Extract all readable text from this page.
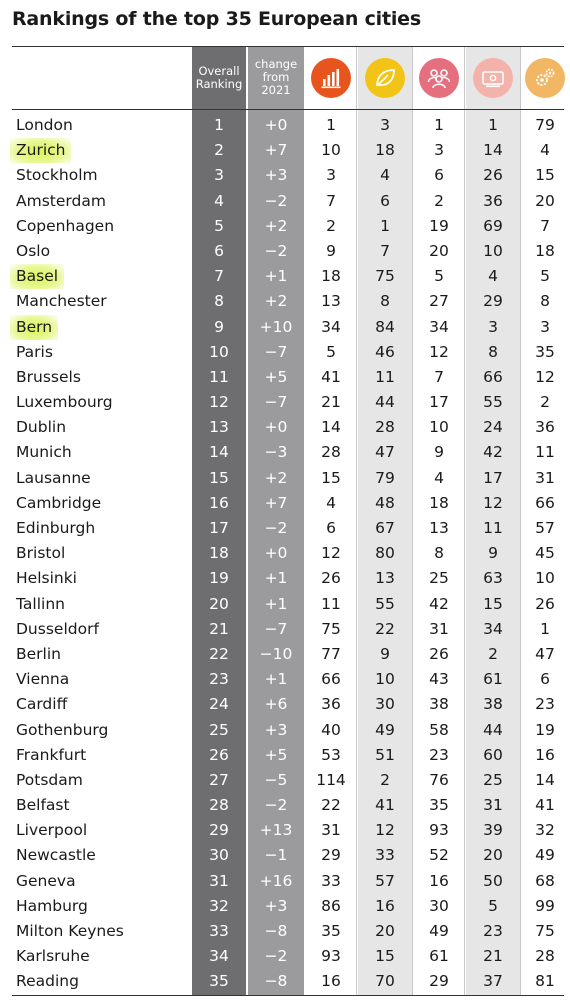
Rankings of the top 35 European cities
Overall Ranking
change from 2021
London	1	+0	1	3	1	1	79
Zurich	2	+7	10	18	3	14	4
Stockholm	3	+3	3	4	6	26	15
Amsterdam	4	−2	7	6	2	36	20
Copenhagen	5	+2	2	1	19	69	7
Oslo	6	−2	9	7	20	10	18
Basel	7	+1	18	75	5	4	5
Manchester	8	+2	13	8	27	29	8
Bern	9	+10	34	84	34	3	3
Paris	10	−7	5	46	12	8	35
Brussels	11	+5	41	11	7	66	12
Luxembourg	12	−7	21	44	17	55	2
Dublin	13	+0	14	28	10	24	36
Munich	14	−3	28	47	9	42	11
Lausanne	15	+2	15	79	4	17	31
Cambridge	16	+7	4	48	18	12	66
Edinburgh	17	−2	6	67	13	11	57
Bristol	18	+0	12	80	8	9	45
Helsinki	19	+1	26	13	25	63	10
Tallinn	20	+1	11	55	42	15	26
Dusseldorf	21	−7	75	22	31	34	1
Berlin	22	−10	77	9	26	2	47
Vienna	23	+1	66	10	43	61	6
Cardiff	24	+6	36	30	38	38	23
Gothenburg	25	+3	40	49	58	44	19
Frankfurt	26	+5	53	51	23	60	16
Potsdam	27	−5	114	2	76	25	14
Belfast	28	−2	22	41	35	31	41
Liverpool	29	+13	31	12	93	39	32
Newcastle	30	−1	29	33	52	20	49
Geneva	31	+16	33	57	16	50	68
Hamburg	32	+3	86	16	30	5	99
Milton Keynes	33	−8	35	20	49	23	75
Karlsruhe	34	−2	93	15	61	21	28
Reading	35	−8	16	70	29	37	81
